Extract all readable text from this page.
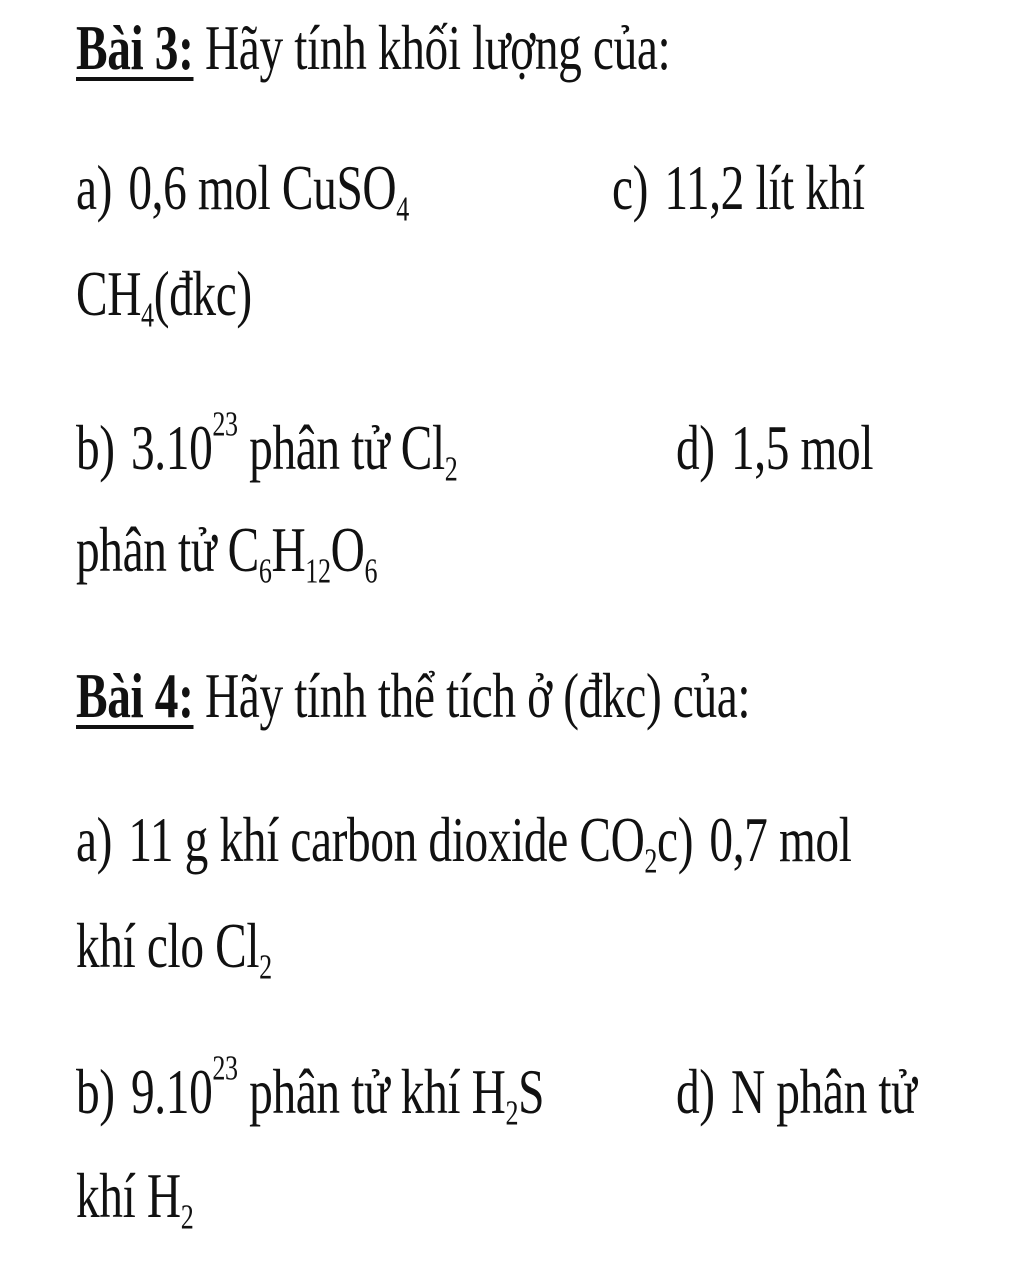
Bài 3: Hãy tính khối lượng của:
a) 0,6 mol CuSO$_4$	c) 11,2 lít khí
$CH_4(đkc)$
b) 3.10$^{23}$ phân tử $Cl_2$	d) 1,5 mol
phân tử $C_6H_{12}O_6$
Bài 4: Hãy tính thể tích ở (đkc) của:
a) 11 g khí carbon dioxide $CO_2c$) 0,7 mol
khí clo $Cl_2$
b) 9.10$^{23}$ phân tử khí $H_2S$ d) N phân tử
khí $H_2$
